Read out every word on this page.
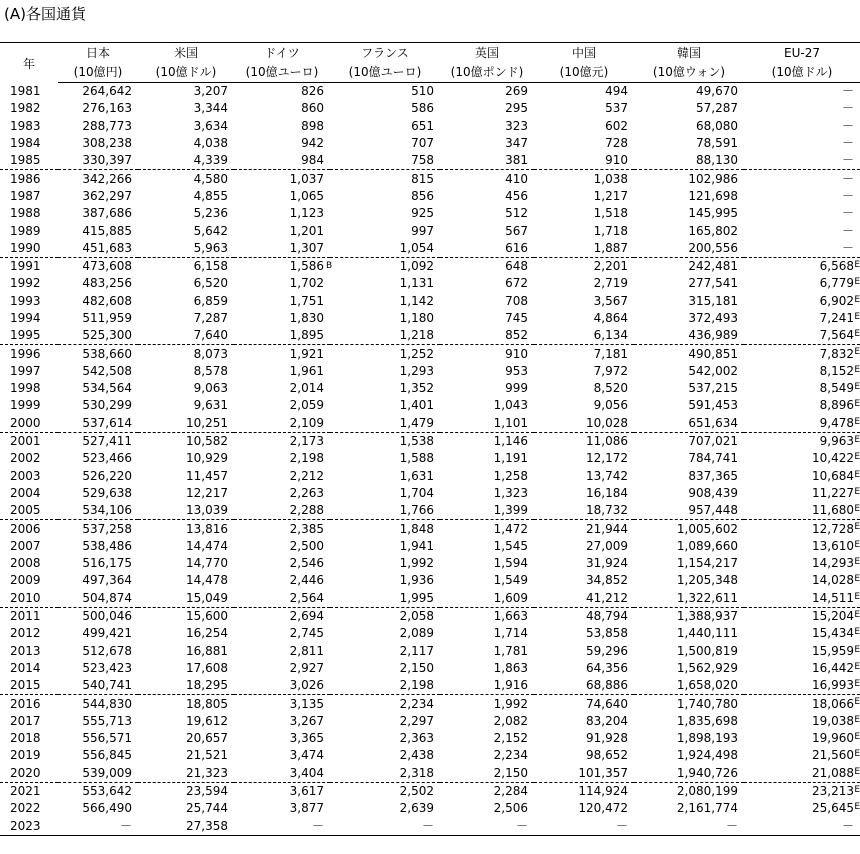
(A)各国通貨
年	日本	米国	ドイツ	フランス	英国	中国	韓国	EU-27
	(10億円)	(10億ドル)	(10億ユーロ)	(10億ユーロ)	(10億ポンド)	(10億元)	(10億ウォン)	(10億ドル)
1981	264,642	3,207	826	510	269	494	49,670	－
1982	276,163	3,344	860	586	295	537	57,287	－
1983	288,773	3,634	898	651	323	602	68,080	－
1984	308,238	4,038	942	707	347	728	78,591	－
1985	330,397	4,339	984	758	381	910	88,130	－
1986	342,266	4,580	1,037	815	410	1,038	102,986	－
1987	362,297	4,855	1,065	856	456	1,217	121,698	－
1988	387,686	5,236	1,123	925	512	1,518	145,995	－
1989	415,885	5,642	1,201	997	567	1,718	165,802	－
1990	451,683	5,963	1,307	1,054	616	1,887	200,556	－
1991	473,608	6,158	1,586 B	1,092	648	2,201	242,481	6,568 E

1992	483,256	6,520	1,702	1,131	672	2,719	277,541	6,779 E

1993	482,608	6,859	1,751	1,142	708	3,567	315,181	6,902 E

1994	511,959	7,287	1,830	1,180	745	4,864	372,493	7,241 E

1995	525,300	7,640	1,895	1,218	852	6,134	436,989	7,564 E

1996	538,660	8,073	1,921	1,252	910	7,181	490,851	7,832 E

1997	542,508	8,578	1,961	1,293	953	7,972	542,002	8,152 E

1998	534,564	9,063	2,014	1,352	999	8,520	537,215	8,549 E

1999	530,299	9,631	2,059	1,401	1,043	9,056	591,453	8,896 E

2000	537,614	10,251	2,109	1,479	1,101	10,028	651,634	9,478 E

2001	527,411	10,582	2,173	1,538	1,146	11,086	707,021	9,963 E

2002	523,466	10,929	2,198	1,588	1,191	12,172	784,741	10,422 E

2003	526,220	11,457	2,212	1,631	1,258	13,742	837,365	10,684 E

2004	529,638	12,217	2,263	1,704	1,323	16,184	908,439	11,227 E

2005	534,106	13,039	2,288	1,766	1,399	18,732	957,448	11,680 E

2006	537,258	13,816	2,385	1,848	1,472	21,944	1,005,602	12,728 E

2007	538,486	14,474	2,500	1,941	1,545	27,009	1,089,660	13,610 E

2008	516,175	14,770	2,546	1,992	1,594	31,924	1,154,217	14,293 E

2009	497,364	14,478	2,446	1,936	1,549	34,852	1,205,348	14,028 E

2010	504,874	15,049	2,564	1,995	1,609	41,212	1,322,611	14,511 E

2011	500,046	15,600	2,694	2,058	1,663	48,794	1,388,937	15,204 E

2012	499,421	16,254	2,745	2,089	1,714	53,858	1,440,111	15,434 E

2013	512,678	16,881	2,811	2,117	1,781	59,296	1,500,819	15,959 E

2014	523,423	17,608	2,927	2,150	1,863	64,356	1,562,929	16,442 E

2015	540,741	18,295	3,026	2,198	1,916	68,886	1,658,020	16,993 E

2016	544,830	18,805	3,135	2,234	1,992	74,640	1,740,780	18,066 E

2017	555,713	19,612	3,267	2,297	2,082	83,204	1,835,698	19,038 E

2018	556,571	20,657	3,365	2,363	2,152	91,928	1,898,193	19,960 E

2019	556,845	21,521	3,474	2,438	2,234	98,652	1,924,498	21,560 E

2020	539,009	21,323	3,404	2,318	2,150	101,357	1,940,726	21,088 E

2021	553,642	23,594	3,617	2,502	2,284	114,924	2,080,199	23,213 E

2022	566,490	25,744	3,877	2,639	2,506	120,472	2,161,774	25,645 E

2023	－	27,358	－	－	－	－	－	－
